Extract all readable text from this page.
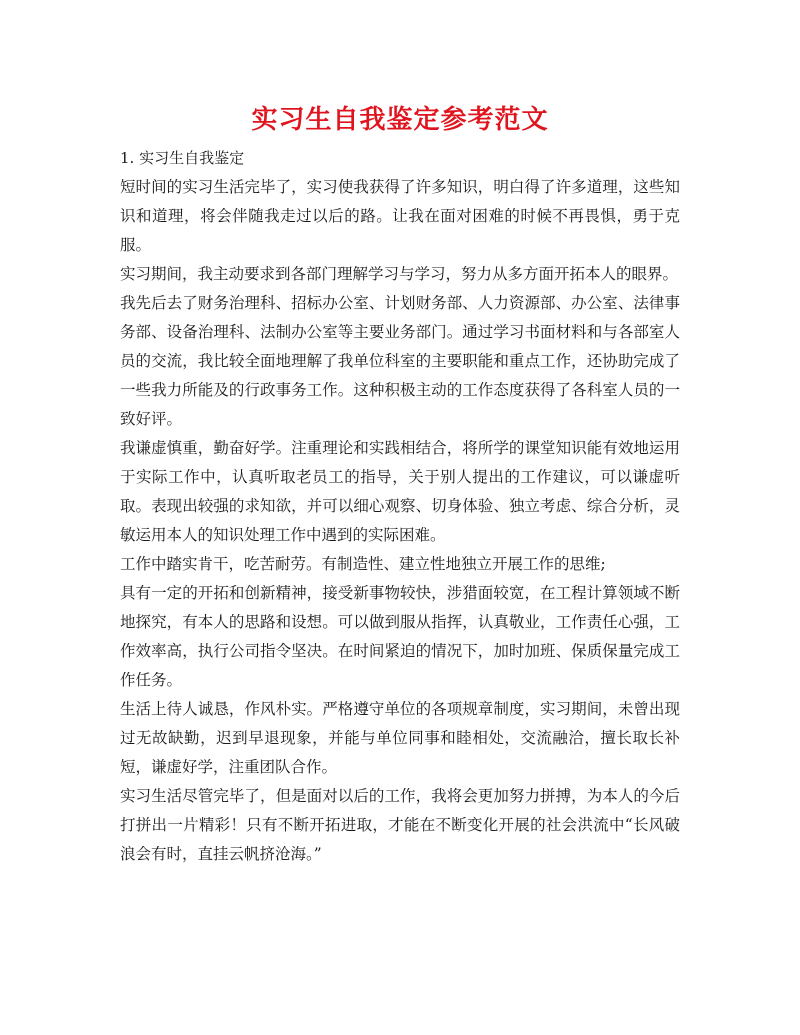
实习生自我鉴定参考范文

1. 实习生自我鉴定

短时间的实习生活完毕了，实习使我获得了许多知识，明白得了许多道理，这些知识和道理，将会伴随我走过以后的路。让我在面对困难的时候不再畏惧，勇于克服。

实习期间，我主动要求到各部门理解学习与学习，努力从多方面开拓本人的眼界。

我先后去了财务治理科、招标办公室、计划财务部、人力资源部、办公室、法律事务部、设备治理科、法制办公室等主要业务部门。通过学习书面材料和与各部室人员的交流，我比较全面地理解了我单位科室的主要职能和重点工作，还协助完成了一些我力所能及的行政事务工作。这种积极主动的工作态度获得了各科室人员的一致好评。

我谦虚慎重，勤奋好学。注重理论和实践相结合，将所学的课堂知识能有效地运用于实际工作中，认真听取老员工的指导，关于别人提出的工作建议，可以谦虚听取。表现出较强的求知欲，并可以细心观察、切身体验、独立考虑、综合分析，灵敏运用本人的知识处理工作中遇到的实际困难。

工作中踏实肯干，吃苦耐劳。有制造性、建立性地独立开展工作的思维;

具有一定的开拓和创新精神，接受新事物较快，涉猎面较宽，在工程计算领域不断地探究，有本人的思路和设想。可以做到服从指挥，认真敬业，工作责任心强，工作效率高，执行公司指令坚决。在时间紧迫的情况下，加时加班、保质保量完成工作任务。

生活上待人诚恳，作风朴实。严格遵守单位的各项规章制度，实习期间，未曾出现过无故缺勤，迟到早退现象，并能与单位同事和睦相处，交流融洽，擅长取长补短，谦虚好学，注重团队合作。

实习生活尽管完毕了，但是面对以后的工作，我将会更加努力拼搏，为本人的今后打拼出一片精彩！只有不断开拓进取，才能在不断变化开展的社会洪流中“长风破浪会有时，直挂云帆挤沧海。”
